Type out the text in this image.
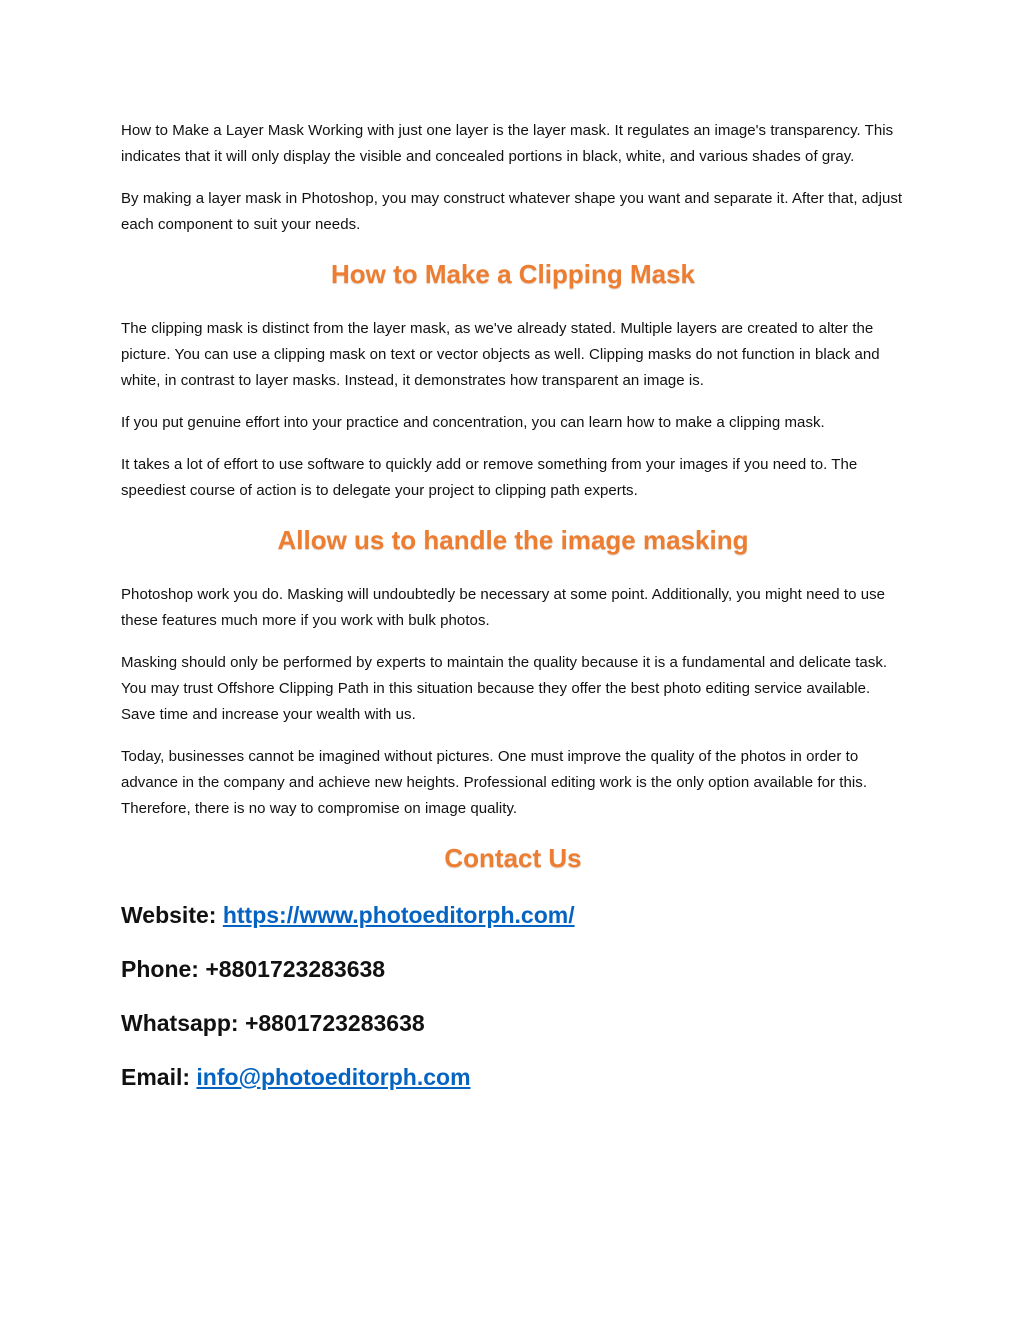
How to Make a Layer Mask Working with just one layer is the layer mask. It regulates an image's transparency. This indicates that it will only display the visible and concealed portions in black, white, and various shades of gray.

By making a layer mask in Photoshop, you may construct whatever shape you want and separate it. After that, adjust each component to suit your needs.

How to Make a Clipping Mask

The clipping mask is distinct from the layer mask, as we've already stated. Multiple layers are created to alter the picture. You can use a clipping mask on text or vector objects as well. Clipping masks do not function in black and white, in contrast to layer masks. Instead, it demonstrates how transparent an image is.

If you put genuine effort into your practice and concentration, you can learn how to make a clipping mask.

It takes a lot of effort to use software to quickly add or remove something from your images if you need to. The speediest course of action is to delegate your project to clipping path experts.

Allow us to handle the image masking

Photoshop work you do. Masking will undoubtedly be necessary at some point. Additionally, you might need to use these features much more if you work with bulk photos.

Masking should only be performed by experts to maintain the quality because it is a fundamental and delicate task. You may trust Offshore Clipping Path in this situation because they offer the best photo editing service available. Save time and increase your wealth with us.

Today, businesses cannot be imagined without pictures. One must improve the quality of the photos in order to advance in the company and achieve new heights. Professional editing work is the only option available for this. Therefore, there is no way to compromise on image quality.

Contact Us
Website: https://www.photoeditorph.com/
Phone: +8801723283638
Whatsapp: +8801723283638
Email: info@photoeditorph.com
